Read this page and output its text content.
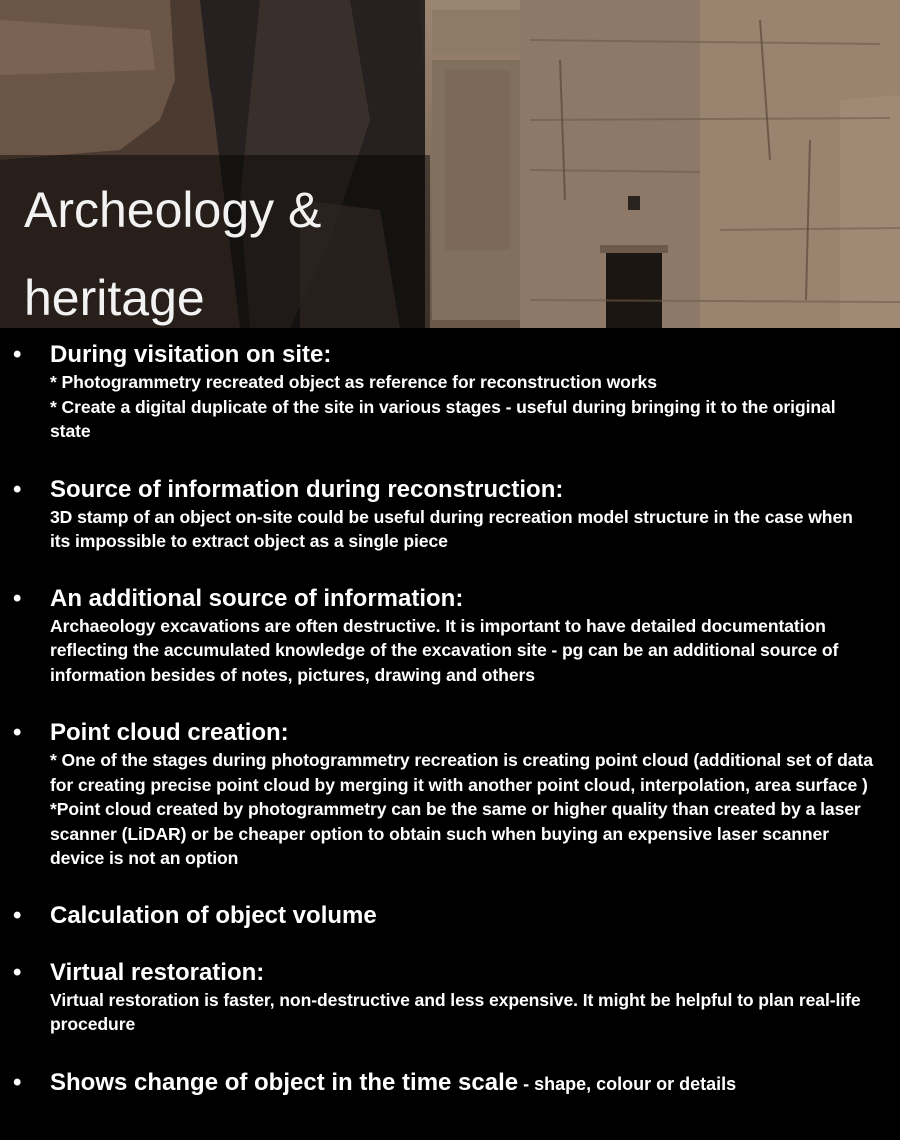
Archeology &
heritage
• During visitation on site:

* Photogrammetry recreated object as reference for reconstruction works

* Create a digital duplicate of the site in various stages - useful during bringing it to the original state

• Source of information during reconstruction:

3D stamp of an object on-site could be useful during recreation model structure in the case when its impossible to extract object as a single piece

• An additional source of information:

Archaeology excavations are often destructive. It is important to have detailed documentation reflecting the accumulated knowledge of the excavation site - pg can be an additional source of information besides of notes, pictures, drawing and others

• Point cloud creation:

* One of the stages during photogrammetry recreation is creating point cloud (additional set of data for creating precise point cloud by merging it with another point cloud, interpolation, area surface )

*Point cloud created by photogrammetry can be the same or higher quality than created by a laser scanner (LiDAR) or be cheaper option to obtain such when buying an expensive laser scanner device is not an option

• Calculation of object volume

• Virtual restoration:

Virtual restoration is faster, non-destructive and less expensive. It might be helpful to plan real-life procedure

• Shows change of object in the time scale - shape, colour or details
